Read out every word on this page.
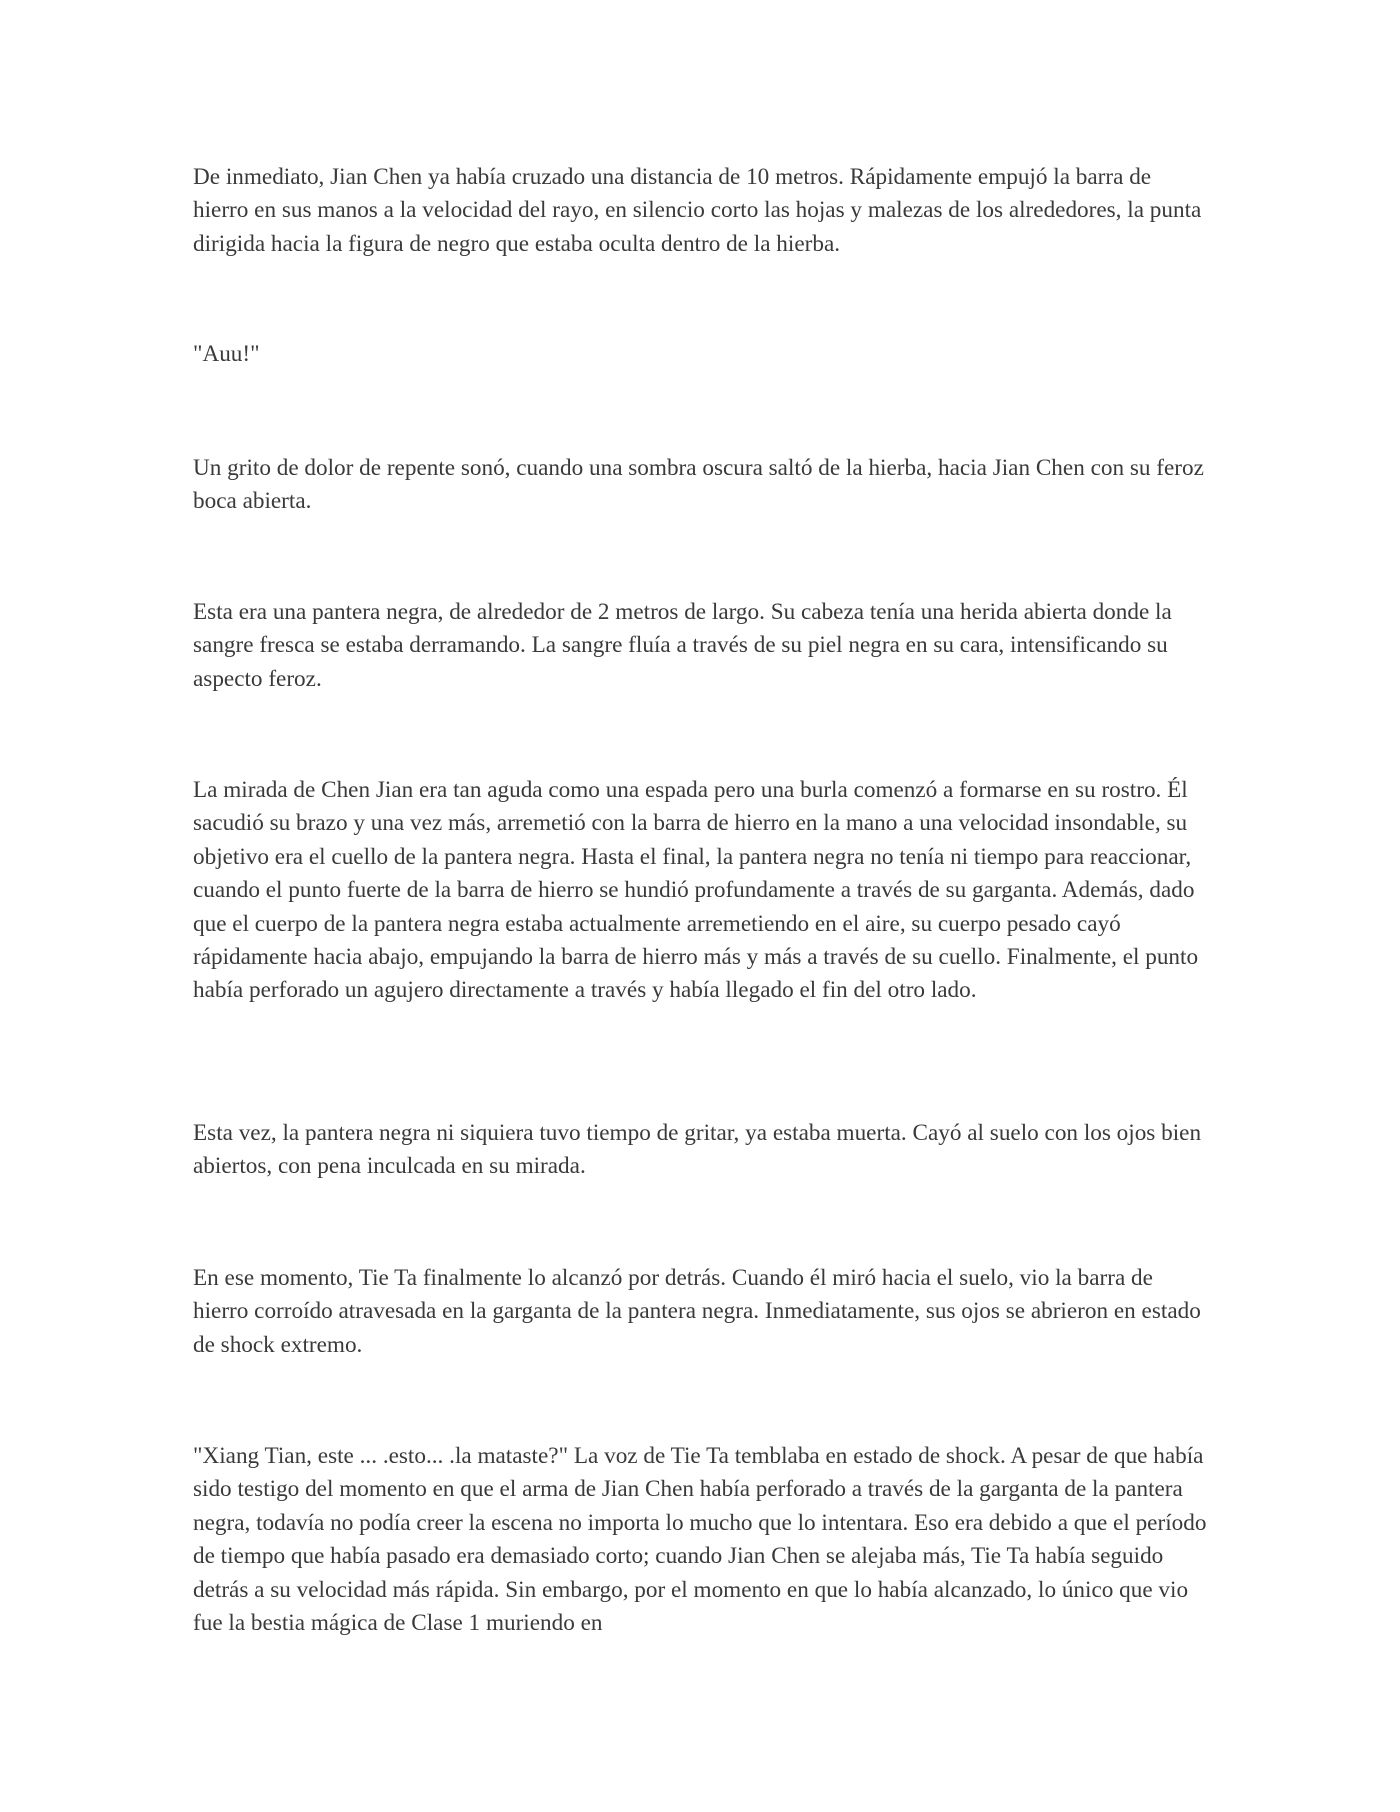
De inmediato, Jian Chen ya había cruzado una distancia de 10 metros. Rápidamente empujó la barra de hierro en sus manos a la velocidad del rayo, en silencio corto las hojas y malezas de los alrededores, la punta dirigida hacia la figura de negro que estaba oculta dentro de la hierba.

"Auu!"

Un grito de dolor de repente sonó, cuando una sombra oscura saltó de la hierba, hacia Jian Chen con su feroz boca abierta.

Esta era una pantera negra, de alrededor de 2 metros de largo. Su cabeza tenía una herida abierta donde la sangre fresca se estaba derramando. La sangre fluía a través de su piel negra en su cara, intensificando su aspecto feroz.

La mirada de Chen Jian era tan aguda como una espada pero una burla comenzó a formarse en su rostro. Él sacudió su brazo y una vez más, arremetió con la barra de hierro en la mano a una velocidad insondable, su objetivo era el cuello de la pantera negra. Hasta el final, la pantera negra no tenía ni tiempo para reaccionar, cuando el punto fuerte de la barra de hierro se hundió profundamente a través de su garganta. Además, dado que el cuerpo de la pantera negra estaba actualmente arremetiendo en el aire, su cuerpo pesado cayó rápidamente hacia abajo, empujando la barra de hierro más y más a través de su cuello. Finalmente, el punto había perforado un agujero directamente a través y había llegado el fin del otro lado.

Esta vez, la pantera negra ni siquiera tuvo tiempo de gritar, ya estaba muerta. Cayó al suelo con los ojos bien abiertos, con pena inculcada en su mirada.

En ese momento, Tie Ta finalmente lo alcanzó por detrás. Cuando él miró hacia el suelo, vio la barra de hierro corroído atravesada en la garganta de la pantera negra. Inmediatamente, sus ojos se abrieron en estado de shock extremo.

"Xiang Tian, este ... .esto... .la mataste?" La voz de Tie Ta temblaba en estado de shock. A pesar de que había sido testigo del momento en que el arma de Jian Chen había perforado a través de la garganta de la pantera negra, todavía no podía creer la escena no importa lo mucho que lo intentara. Eso era debido a que el período de tiempo que había pasado era demasiado corto; cuando Jian Chen se alejaba más, Tie Ta había seguido detrás a su velocidad más rápida. Sin embargo, por el momento en que lo había alcanzado, lo único que vio fue la bestia mágica de Clase 1 muriendo en
